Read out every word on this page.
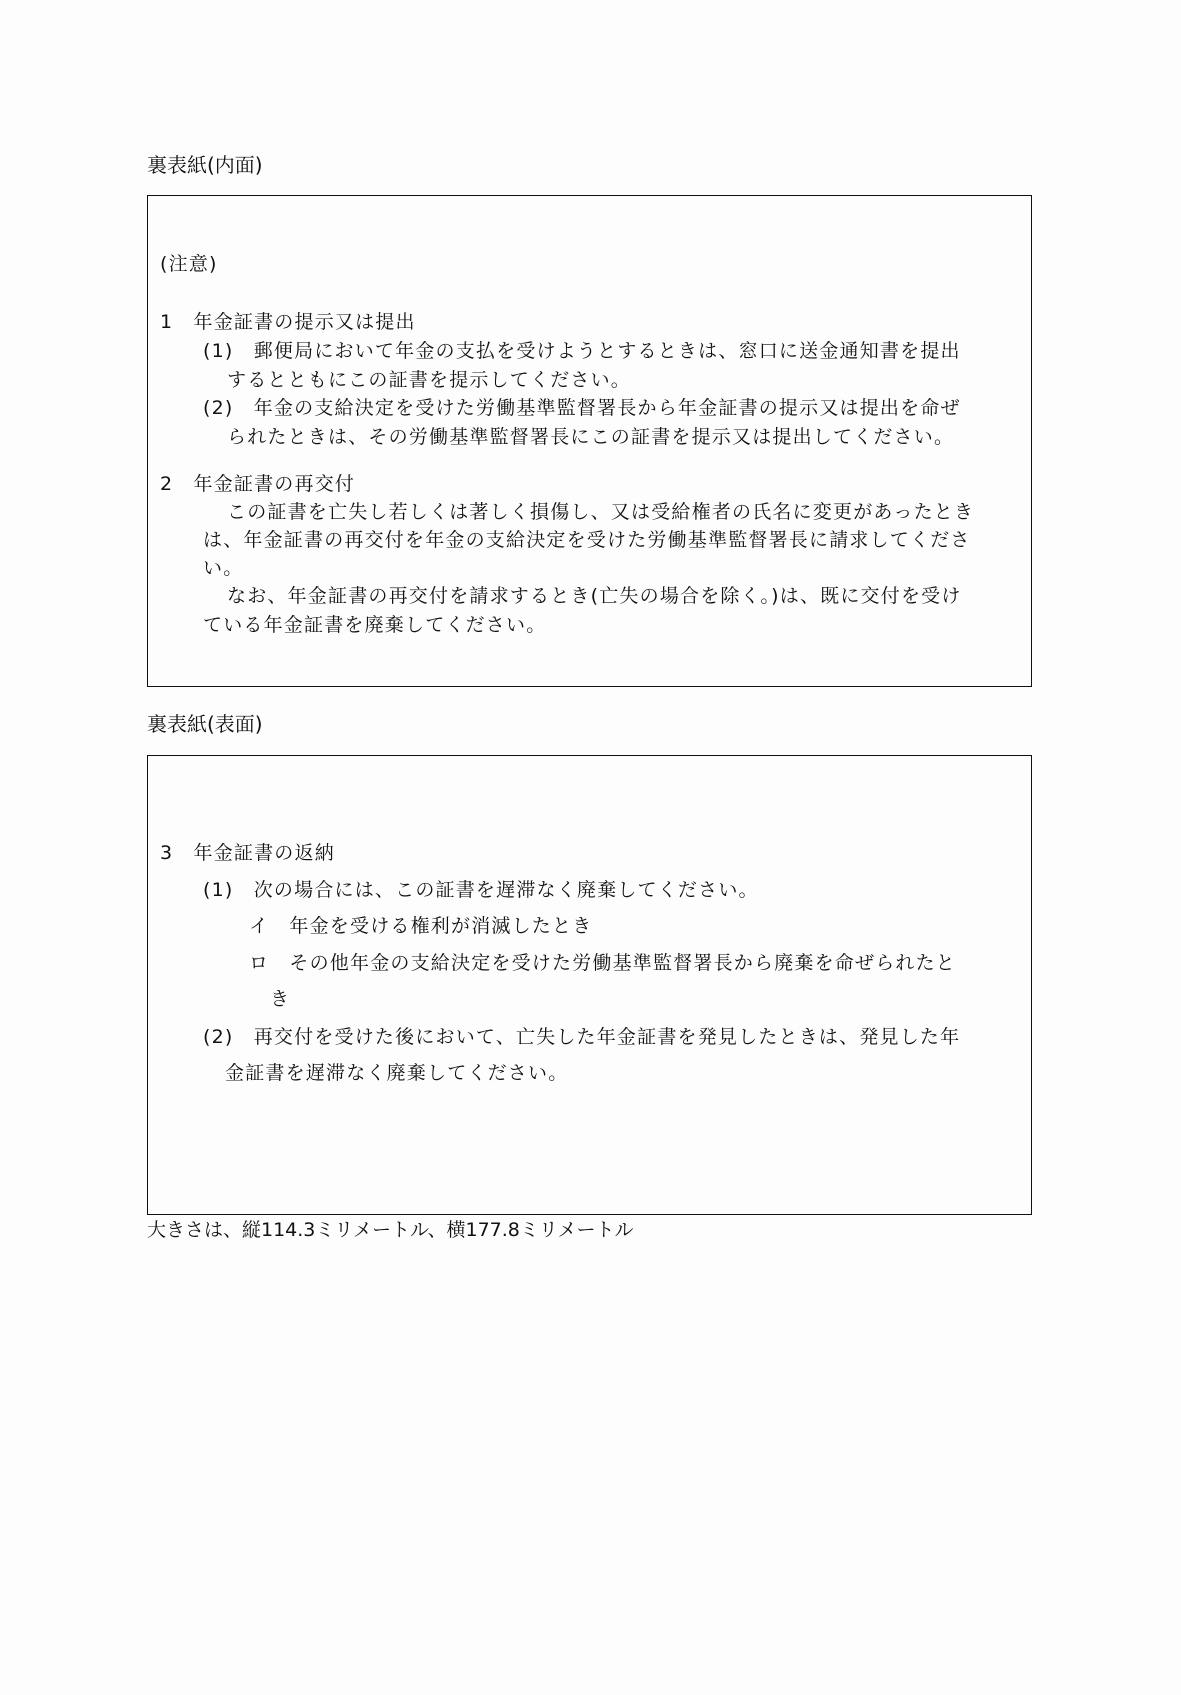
裏表紙(内面)
(注意)
1　年金証書の提示又は提出
(1)　郵便局において年金の支払を受けようとするときは、窓口に送金通知書を提出
するとともにこの証書を提示してください。
(2)　年金の支給決定を受けた労働基準監督署長から年金証書の提示又は提出を命ぜ
られたときは、その労働基準監督署長にこの証書を提示又は提出してください。
2　年金証書の再交付
この証書を亡失し若しくは著しく損傷し、又は受給権者の氏名に変更があったとき
は、年金証書の再交付を年金の支給決定を受けた労働基準監督署長に請求してくださ
い。
なお、年金証書の再交付を請求するとき(亡失の場合を除く。)は、既に交付を受け
ている年金証書を廃棄してください。
裏表紙(表面)
3　年金証書の返納
(1)　次の場合には、この証書を遅滞なく廃棄してください。
イ　年金を受ける権利が消滅したとき
ロ　その他年金の支給決定を受けた労働基準監督署長から廃棄を命ぜられたと
き
(2)　再交付を受けた後において、亡失した年金証書を発見したときは、発見した年
金証書を遅滞なく廃棄してください。
大きさは、縦114.3ミリメートル、横177.8ミリメートル
